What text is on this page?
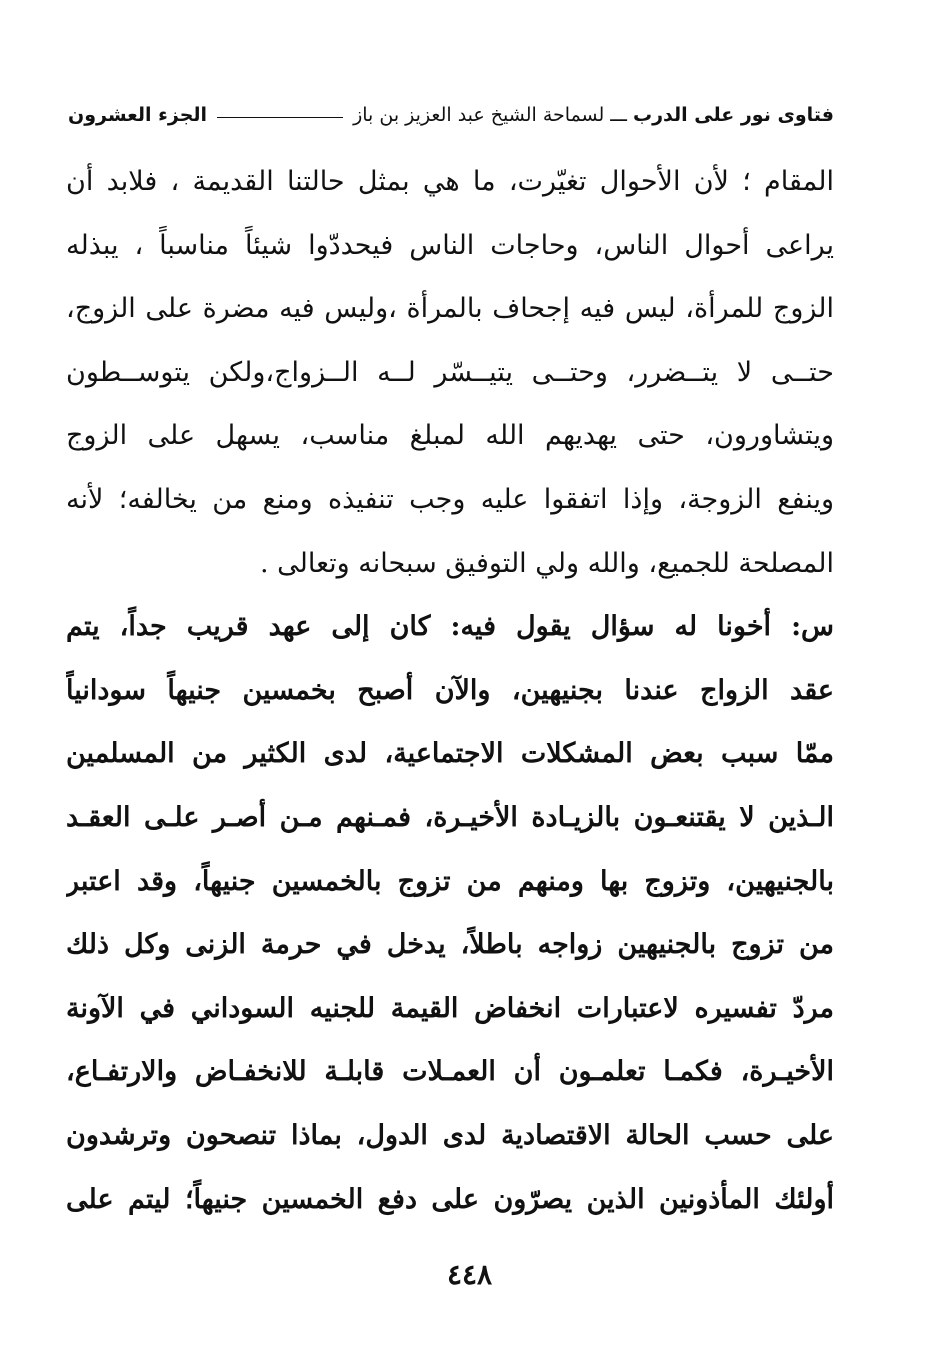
فتاوى نور على الدرب
ـــ
لسماحة الشيخ عبد العزيز بن باز
الجزء العشرون
المقام ؛ لأن الأحوال تغيّرت، ما هي بمثل حالتنا القديمة ، فلابد أن
يراعى أحوال الناس، وحاجات الناس فيحددّوا شيئاً مناسباً ، يبذله
الزوج للمرأة، ليس فيه إجحاف بالمرأة ،وليس فيه مضرة على الزوج،
حتــى لا يتــضرر، وحتــى يتيــسّر لــه الــزواج،ولكن يتوســطون
ويتشاورون، حتى يهديهم الله لمبلغ مناسب، يسهل على الزوج
وينفع الزوجة، وإذا اتفقوا عليه وجب تنفيذه ومنع من يخالفه؛ لأنه
المصلحة للجميع، والله ولي التوفيق سبحانه وتعالى .
س: أخونا له سؤال يقول فيه: كان إلى عهد قريب جداً، يتم
عقد الزواج عندنا بجنيهين، والآن أصبح بخمسين جنيهاً سودانياً
ممّا سبب بعض المشكلات الاجتماعية، لدى الكثير من المسلمين
الـذين لا يقتنعـون بالزيـادة الأخيـرة، فمـنهم مـن أصـر علـى العقـد
بالجنيهين، وتزوج بها ومنهم من تزوج بالخمسين جنيهاً، وقد اعتبر
من تزوج بالجنيهين زواجه باطلاً، يدخل في حرمة الزنى وكل ذلك
مردّ تفسيره لاعتبارات انخفاض القيمة للجنيه السوداني في الآونة
الأخيـرة، فكمـا تعلمـون أن العمـلات قابلـة للانخفـاض والارتفـاع،
على حسب الحالة الاقتصادية لدى الدول، بماذا تنصحون وترشدون
أولئك المأذونين الذين يصرّون على دفع الخمسين جنيهاً؛ ليتم على
٤٤٨
